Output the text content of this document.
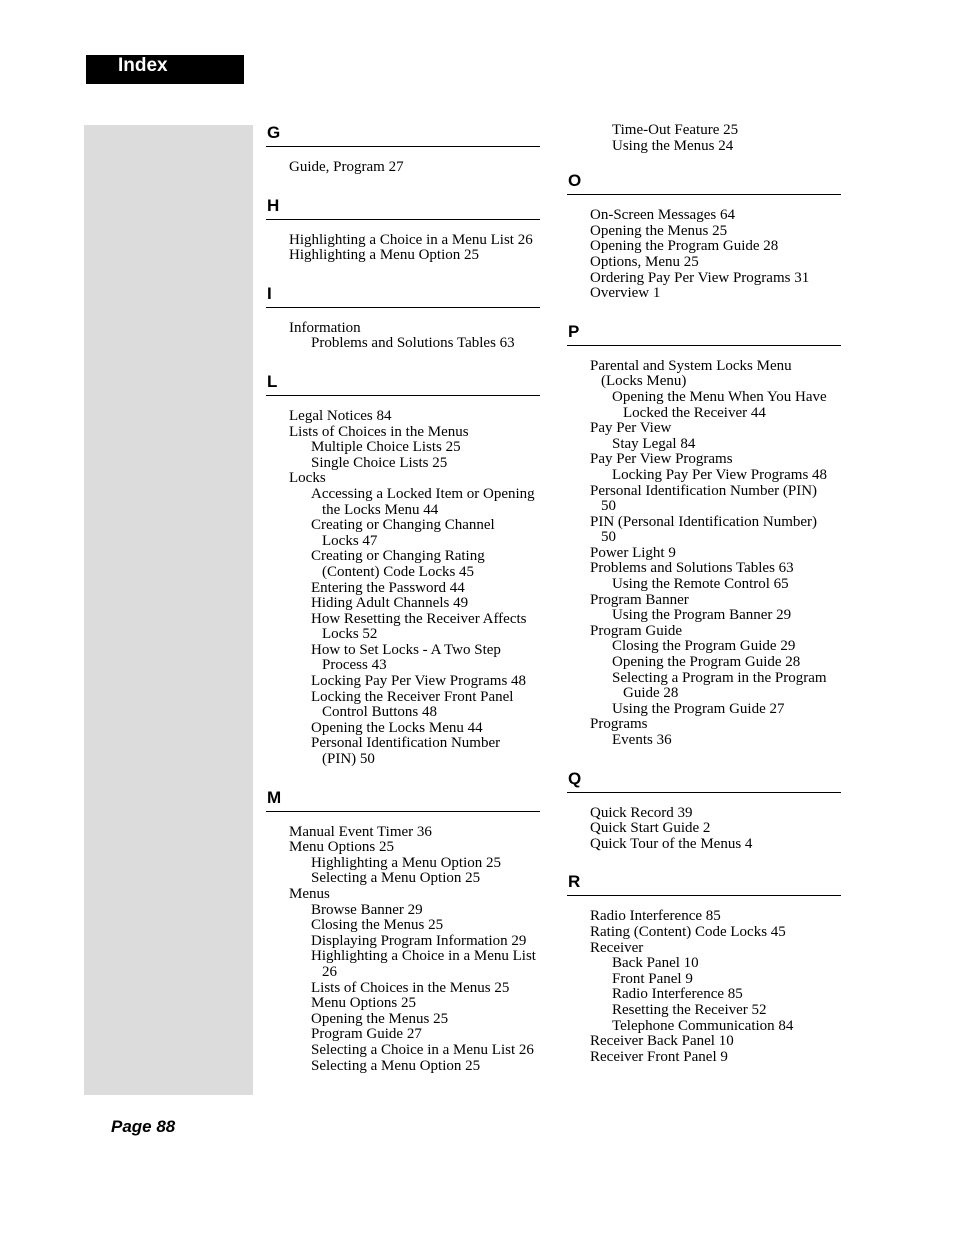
Index
G
Guide, Program 27
H
Highlighting a Choice in a Menu List 26
Highlighting a Menu Option 25
I
Information
Problems and Solutions Tables 63
L
Legal Notices 84
Lists of Choices in the Menus
Multiple Choice Lists 25
Single Choice Lists 25
Locks
Accessing a Locked Item or Opening
the Locks Menu 44
Creating or Changing Channel
Locks 47
Creating or Changing Rating
(Content) Code Locks 45
Entering the Password 44
Hiding Adult Channels 49
How Resetting the Receiver Affects
Locks 52
How to Set Locks - A Two Step
Process 43
Locking Pay Per View Programs 48
Locking the Receiver Front Panel
Control Buttons 48
Opening the Locks Menu 44
Personal Identification Number
(PIN) 50
M
Manual Event Timer 36
Menu Options 25
Highlighting a Menu Option 25
Selecting a Menu Option 25
Menus
Browse Banner 29
Closing the Menus 25
Displaying Program Information 29
Highlighting a Choice in a Menu List
26
Lists of Choices in the Menus 25
Menu Options 25
Opening the Menus 25
Program Guide 27
Selecting a Choice in a Menu List 26
Selecting a Menu Option 25
Time-Out Feature 25
Using the Menus 24
O
On-Screen Messages 64
Opening the Menus 25
Opening the Program Guide 28
Options, Menu 25
Ordering Pay Per View Programs 31
Overview 1
P
Parental and System Locks Menu
(Locks Menu)
Opening the Menu When You Have
Locked the Receiver 44
Pay Per View
Stay Legal 84
Pay Per View Programs
Locking Pay Per View Programs 48
Personal Identification Number (PIN)
50
PIN (Personal Identification Number)
50
Power Light 9
Problems and Solutions Tables 63
Using the Remote Control 65
Program Banner
Using the Program Banner 29
Program Guide
Closing the Program Guide 29
Opening the Program Guide 28
Selecting a Program in the Program
Guide 28
Using the Program Guide 27
Programs
Events 36
Q
Quick Record 39
Quick Start Guide 2
Quick Tour of the Menus 4
R
Radio Interference 85
Rating (Content) Code Locks 45
Receiver
Back Panel 10
Front Panel 9
Radio Interference 85
Resetting the Receiver 52
Telephone Communication 84
Receiver Back Panel 10
Receiver Front Panel 9
Page 88
